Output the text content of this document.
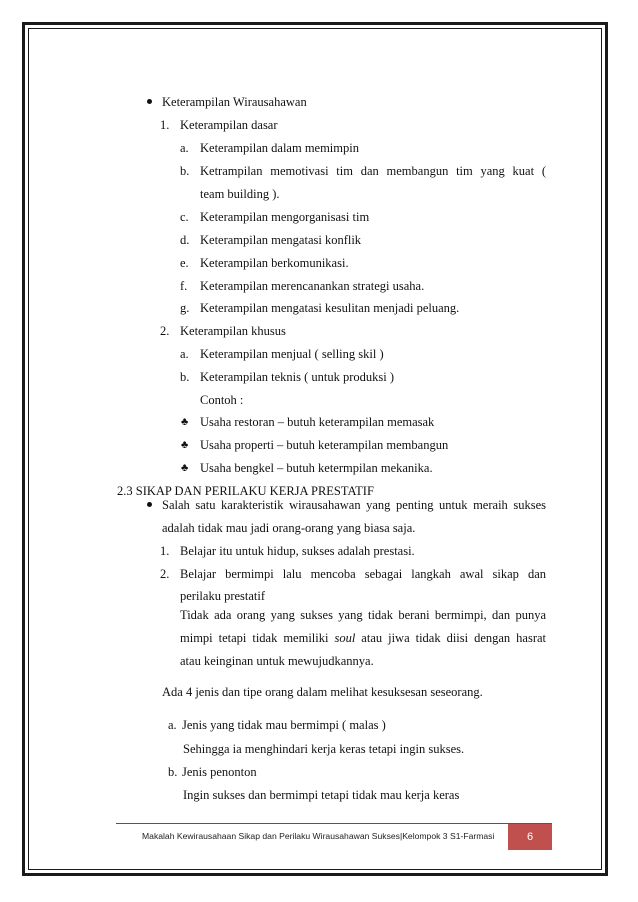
Keterampilan Wirausahawan
1. Keterampilan dasar
a. Keterampilan dalam memimpin
b. Ketrampilan memotivasi tim dan membangun tim yang kuat (
team building ).
c. Keterampilan mengorganisasi tim
d. Keterampilan mengatasi konflik
e. Keterampilan berkomunikasi.
f. Keterampilan merencanankan strategi usaha.
g. Keterampilan mengatasi kesulitan menjadi peluang.
2. Keterampilan khusus
a. Keterampilan menjual ( selling skil )
b. Keterampilan teknis ( untuk produksi )
Contoh :
♣ Usaha restoran – butuh keterampilan memasak
♣ Usaha properti – butuh keterampilan membangun
♣ Usaha bengkel – butuh ketermpilan mekanika.
2.3 SIKAP DAN PERILAKU KERJA PRESTATIF
Salah satu karakteristik wirausahawan yang penting untuk meraih sukses
adalah tidak mau jadi orang-orang yang biasa saja.
1. Belajar itu untuk hidup, sukses adalah prestasi.
2. Belajar bermimpi lalu mencoba sebagai langkah awal sikap dan
perilaku prestatif
Tidak ada orang yang sukses yang tidak berani bermimpi, dan punya
mimpi tetapi tidak memiliki soul atau jiwa tidak diisi dengan hasrat
atau keinginan untuk mewujudkannya.
Ada 4 jenis dan tipe orang dalam melihat kesuksesan seseorang.
a. Jenis yang tidak mau bermimpi ( malas )
Sehingga ia menghindari kerja keras tetapi ingin sukses.
b. Jenis penonton
Ingin sukses dan bermimpi tetapi tidak mau kerja keras
Makalah Kewirausahaan Sikap dan Perilaku Wirausahawan Sukses|Kelompok 3 S1-Farmasi	6
